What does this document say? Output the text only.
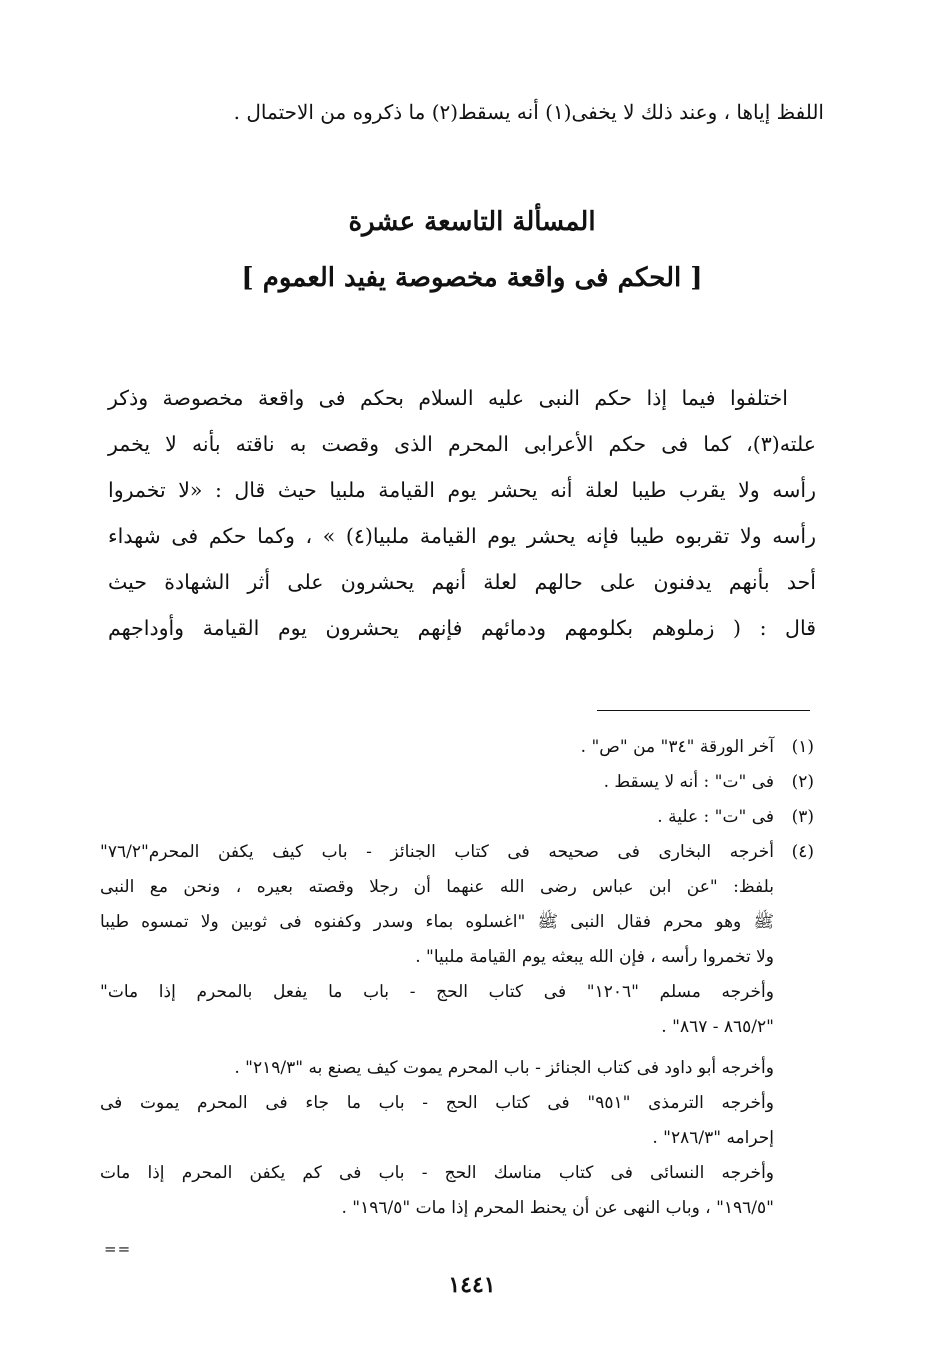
اللفظ إياها ، وعند ذلك لا يخفى(١) أنه يسقط(٢) ما ذكروه من الاحتمال .
المسألة التاسعة عشرة
[ الحكم فى واقعة مخصوصة يفيد العموم ]
اختلفوا فيما إذا حكم النبى عليه السلام بحكم فى واقعة مخصوصة وذكر
علته(٣)، كما فى حكم الأعرابى المحرم الذى وقصت به ناقته بأنه لا يخمر
رأسه ولا يقرب طيبا لعلة أنه يحشر يوم القيامة ملبيا حيث قال : «لا تخمروا
رأسه ولا تقربوه طيبا فإنه يحشر يوم القيامة ملبيا(٤) » ، وكما حكم فى شهداء
أحد بأنهم يدفنون على حالهم لعلة أنهم يحشرون على أثر الشهادة حيث
قال : ( زملوهم بكلومهم ودمائهم فإنهم يحشرون يوم القيامة وأوداجهم
(١)
آخر الورقة "٣٤" من "ص" .
(٢)
فى "ت" : أنه لا يسقط .
(٣)
فى "ت" : علية .
(٤)
أخرجه البخارى فى صحيحه فى كتاب الجنائز - باب كيف يكفن المحرم"٧٦/٢"
بلفظ: "عن ابن عباس رضى الله عنهما أن رجلا وقصته بعيره ، ونحن مع النبى
ﷺ وهو محرم فقال النبى ﷺ "اغسلوه بماء وسدر وكفنوه فى ثوبين ولا تمسوه طيبا
ولا تخمروا رأسه ، فإن الله يبعثه يوم القيامة ملبيا" .
وأخرجه مسلم "١٢٠٦" فى كتاب الحج - باب ما يفعل بالمحرم إذا مات"
"٨٦٥/٢ - ٨٦٧" .
وأخرجه أبو داود فى كتاب الجنائز - باب المحرم يموت كيف يصنع به "٢١٩/٣" .
وأخرجه الترمذى "٩٥١" فى كتاب الحج - باب ما جاء فى المحرم يموت فى
إحرامه "٢٨٦/٣" .
وأخرجه النسائى فى كتاب مناسك الحج - باب فى كم يكفن المحرم إذا مات
"١٩٦/٥" ، وباب النهى عن أن يحنط المحرم إذا مات "١٩٦/٥" .
==
١٤٤١
